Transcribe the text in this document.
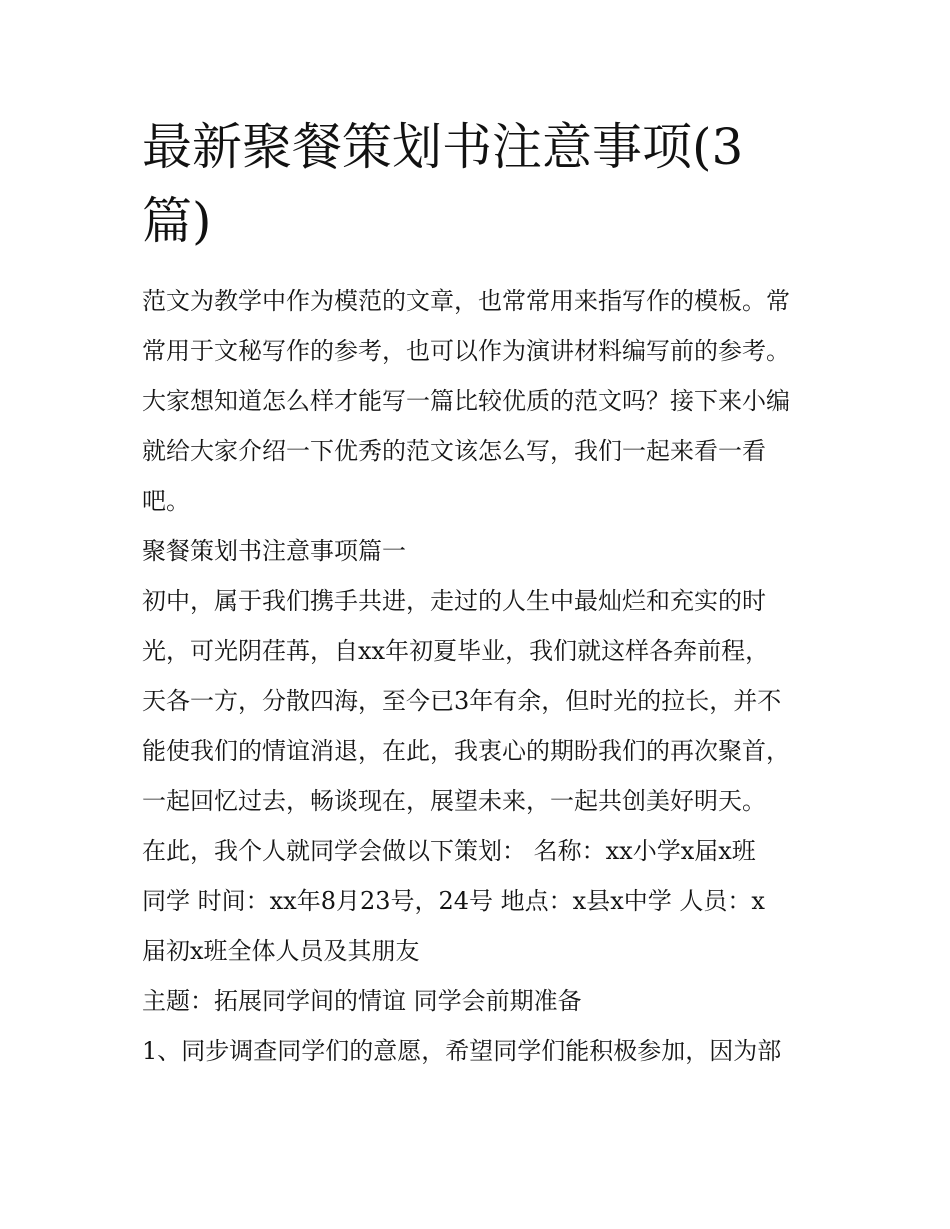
最新聚餐策划书注意事项(3
篇)

范文为教学中作为模范的文章，也常常用来指写作的模板。常
常用于文秘写作的参考，也可以作为演讲材料编写前的参考。
大家想知道怎么样才能写一篇比较优质的范文吗？接下来小编
就给大家介绍一下优秀的范文该怎么写，我们一起来看一看
吧。

聚餐策划书注意事项篇一

初中，属于我们携手共进，走过的人生中最灿烂和充实的时
光，可光阴荏苒，自xx年初夏毕业，我们就这样各奔前程，
天各一方，分散四海，至今已3年有余，但时光的拉长，并不
能使我们的情谊消退，在此，我衷心的期盼我们的再次聚首，
一起回忆过去，畅谈现在，展望未来，一起共创美好明天。

在此，我个人就同学会做以下策划： 名称：xx小学x届x班
同学 时间：xx年8月23号，24号 地点：x县x中学 人员：x
届初x班全体人员及其朋友

主题：拓展同学间的情谊 同学会前期准备

1、同步调查同学们的意愿，希望同学们能积极参加，因为部
